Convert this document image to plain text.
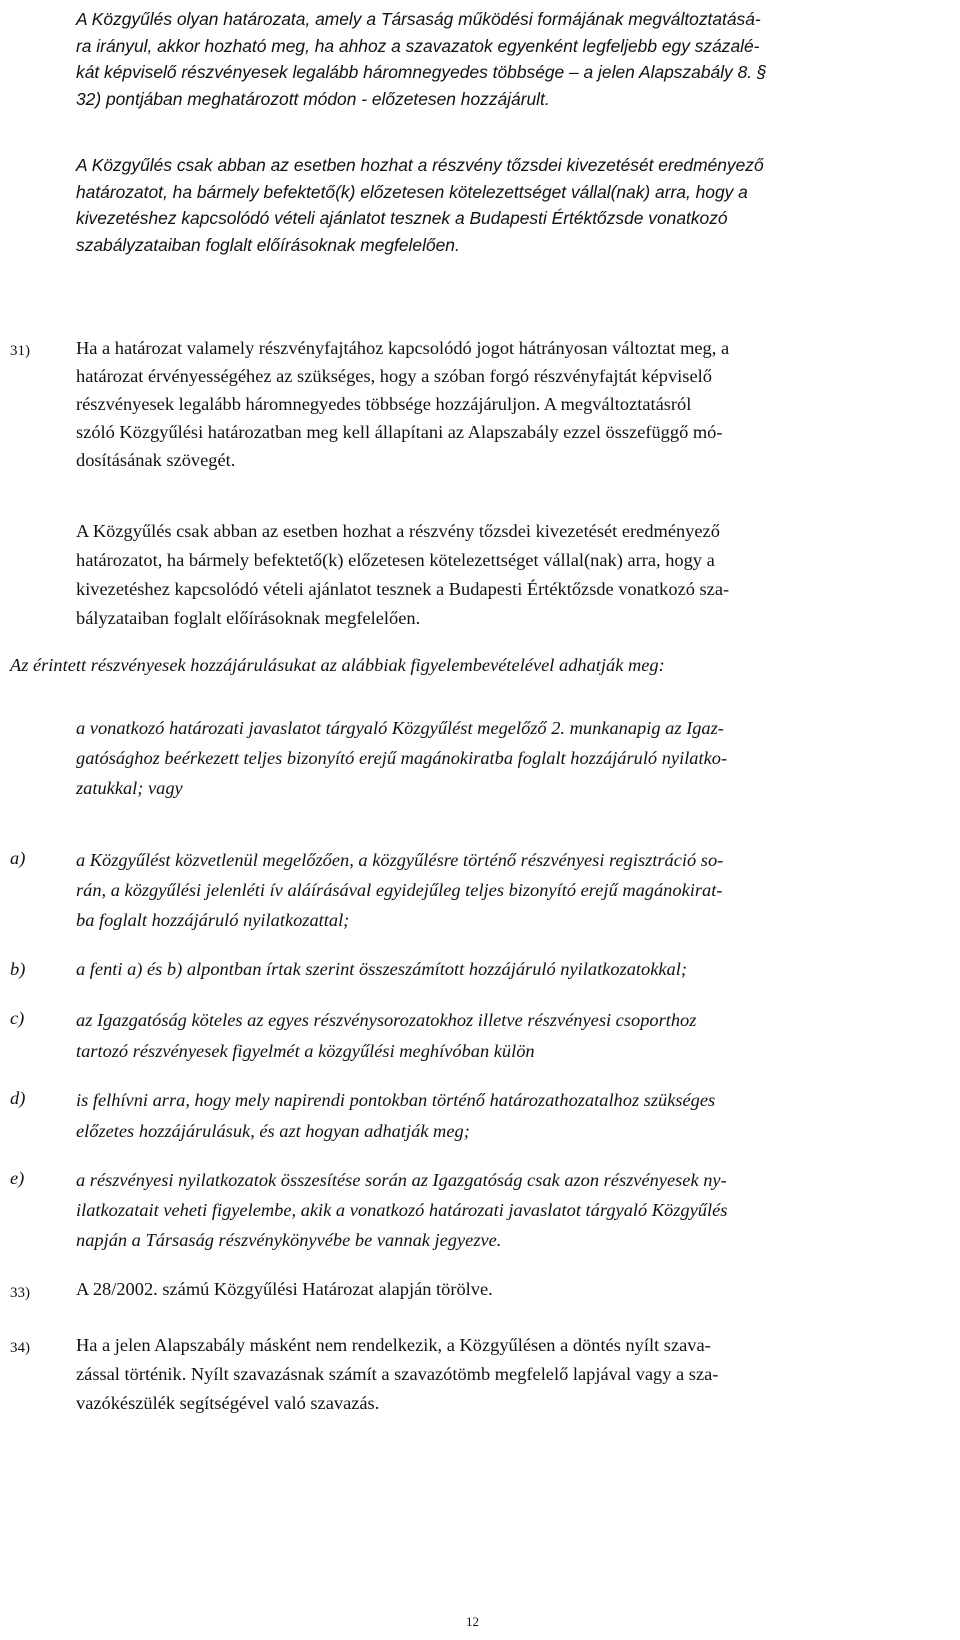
A Közgyűlés olyan határozata, amely a Társaság működési formájának megváltoztatásá-
ra irányul, akkor hozható meg, ha ahhoz a szavazatok egyenként legfeljebb egy százalé-
kát képviselő részvényesek legalább háromnegyedes többsége – a jelen Alapszabály 8. §
32) pontjában meghatározott módon - előzetesen hozzájárult.
A Közgyűlés csak abban az esetben hozhat a részvény tőzsdei kivezetését eredményező
határozatot, ha bármely befektető(k) előzetesen kötelezettséget vállal(nak) arra, hogy a
kivezetéshez kapcsolódó vételi ajánlatot tesznek a Budapesti Értéktőzsde vonatkozó
szabályzataiban foglalt előírásoknak megfelelően.
31)	Ha a határozat valamely részvényfajtához kapcsolódó jogot hátrányosan változtat meg, a
határozat érvényességéhez az szükséges, hogy a szóban forgó részvényfajtát képviselő
részvényesek legalább háromnegyedes többsége hozzájáruljon. A megváltoztatásról
szóló Közgyűlési határozatban meg kell állapítani az Alapszabály ezzel összefüggő mó-
dosításának szövegét.
A Közgyűlés csak abban az esetben hozhat a részvény tőzsdei kivezetését eredményező
határozatot, ha bármely befektető(k) előzetesen kötelezettséget vállal(nak) arra, hogy a
kivezetéshez kapcsolódó vételi ajánlatot tesznek a Budapesti Értéktőzsde vonatkozó sza-
bályzataiban foglalt előírásoknak megfelelően.
Az érintett részvényesek hozzájárulásukat az alábbiak figyelembevételével adhatják meg:
a vonatkozó határozati javaslatot tárgyaló Közgyűlést megelőző 2. munkanapig az Igaz-
gatósághoz beérkezett teljes bizonyító erejű magánokiratba foglalt hozzájáruló nyilatko-
zatukkal; vagy
a)	a Közgyűlést közvetlenül megelőzően, a közgyűlésre történő részvényesi regisztráció so-
rán, a közgyűlési jelenléti ív aláírásával egyidejűleg teljes bizonyító erejű magánokirat-
ba foglalt hozzájáruló nyilatkozattal;
b)	a fenti a) és b) alpontban írtak szerint összeszámított hozzájáruló nyilatkozatokkal;
c)	az Igazgatóság köteles az egyes részvénysorozatokhoz illetve részvényesi csoporthoz
tartozó részvényesek figyelmét a közgyűlési meghívóban külön
d)	is felhívni arra, hogy mely napirendi pontokban történő határozathozatalhoz szükséges
előzetes hozzájárulásuk, és azt hogyan adhatják meg;
e)	a részvényesi nyilatkozatok összesítése során az Igazgatóság csak azon részvényesek ny-
ilatkozatait veheti figyelembe, akik a vonatkozó határozati javaslatot tárgyaló Közgyűlés
napján a Társaság részvénykönyvébe be vannak jegyezve.
33)	A 28/2002. számú Közgyűlési Határozat alapján törölve.
34)	Ha a jelen Alapszabály másként nem rendelkezik, a Közgyűlésen a döntés nyílt szava-
zással történik. Nyílt szavazásnak számít a szavazótömb megfelelő lapjával vagy a sza-
vazókészülék segítségével való szavazás.
12
